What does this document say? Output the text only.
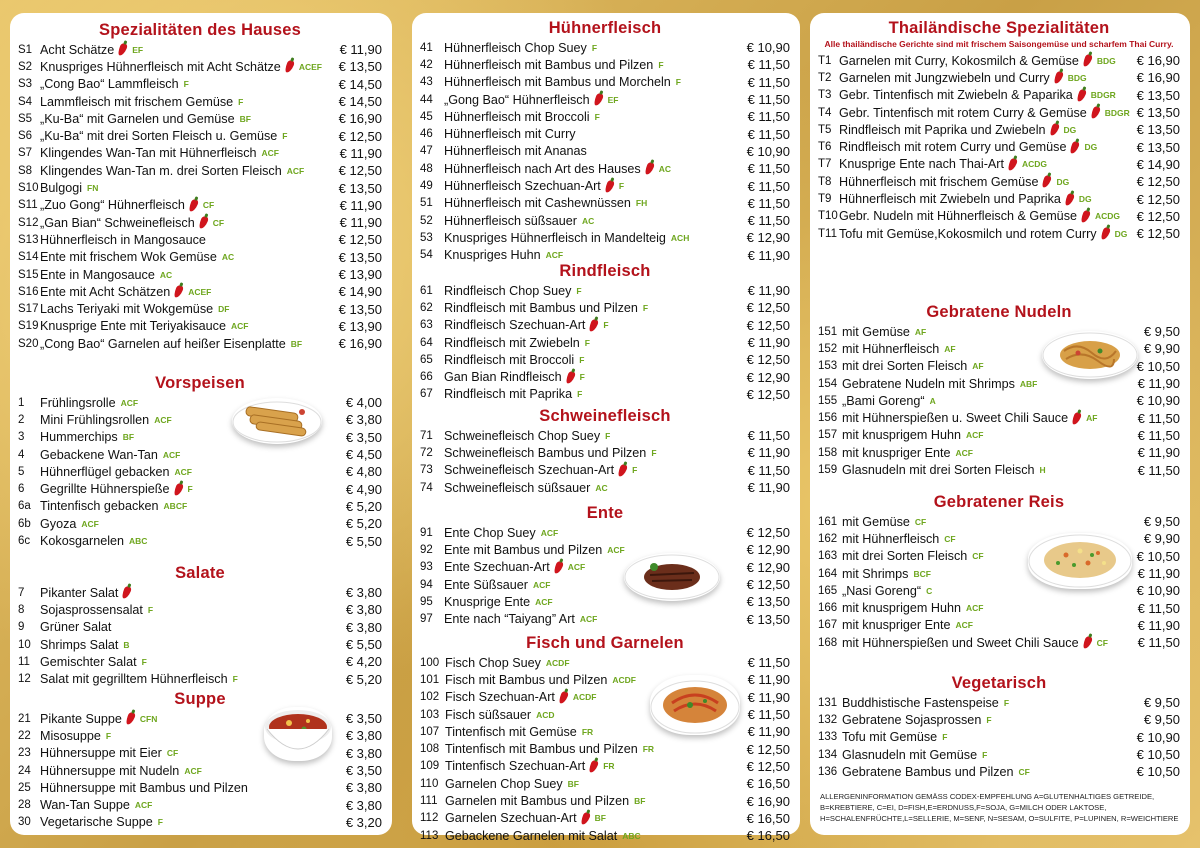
Spezialitäten des Hauses
S1 Acht Schätze EF	€ 11,90
S2 Knuspriges Hühnerfleisch mit Acht Schätze ACEF € 13,50
S3 „Cong Bao“ Lammfleisch F	€ 14,50
S4 Lammfleisch mit frischem Gemüse F	€ 14,50
S5 „Ku-Ba“ mit Garnelen und Gemüse BF	€ 16,90
S6 „Ku-Ba“ mit drei Sorten Fleisch u. Gemüse F	€ 12,50
S7 Klingendes Wan-Tan mit Hühnerfleisch ACF	€ 11,90
S8 Klingendes Wan-Tan m. drei Sorten Fleisch ACF	€ 12,50
S10 Bulgogi FN	€ 13,50
S11 „Zuo Gong“ Hühnerfleisch CF	€ 11,90
S12 „Gan Bian“ Schweinefleisch CF	€ 11,90
S13 Hühnerfleisch in Mangosauce	€ 12,50
S14 Ente mit frischem Wok Gemüse AC	€ 13,50
S15 Ente in Mangosauce AC	€ 13,90
S16 Ente mit Acht Schätzen ACEF	€ 14,90
S17 Lachs Teriyaki mit Wokgemüse DF	€ 13,50
S19 Knusprige Ente mit Teriyakisauce ACF	€ 13,90
S20 „Cong Bao“ Garnelen auf heißer Eisenplatte BF	€ 16,90
Vorspeisen
1	Frühlingsrolle ACF	€ 4,00
2	Mini Frühlingsrollen ACF	€ 3,80
3	Hummerchips BF	€ 3,50
4	Gebackene Wan-Tan ACF	€ 4,50
5	Hühnerflügel gebacken ACF	€ 4,80
6	Gegrillte Hühnerspieße F	€ 4,90
6a Tintenfisch gebacken ABCF	€ 5,20
6b Gyoza ACF	€ 5,20
6c Kokosgarnelen ABC	€ 5,50
Salate
7	Pikanter Salat	€ 3,80
8	Sojasprossensalat F	€ 3,80
9	Grüner Salat	€ 3,80
10 Shrimps Salat B	€ 5,50
11 Gemischter Salat F	€ 4,20
12 Salat mit gegrilltem Hühnerfleisch F	€ 5,20
Suppe
21 Pikante Suppe CFN	€ 3,50
22 Misosuppe F	€ 3,80
23 Hühnersuppe mit Eier CF	€ 3,80
24 Hühnersuppe mit Nudeln ACF	€ 3,50
25 Hühnersuppe mit Bambus und Pilzen	€ 3,80
28 Wan-Tan Suppe ACF	€ 3,80
30 Vegetarische Suppe F	€ 3,20
Hühnerfleisch
41 Hühnerfleisch Chop Suey F	€ 10,90
42 Hühnerfleisch mit Bambus und Pilzen F	€ 11,50
43 Hühnerfleisch mit Bambus und Morcheln F	€ 11,50
44 „Gong Bao“ Hühnerfleisch EF	€ 11,50
45 Hühnerfleisch mit Broccoli F	€ 11,50
46 Hühnerfleisch mit Curry	€ 11,50
47 Hühnerfleisch mit Ananas	€ 10,90
48 Hühnerfleisch nach Art des Hauses AC	€ 11,50
49 Hühnerfleisch Szechuan-Art F	€ 11,50
51 Hühnerfleisch mit Cashewnüssen FH	€ 11,50
52 Hühnerfleisch süßsauer AC	€ 11,50
53 Knuspriges Hühnerfleisch in Mandelteig ACH	€ 12,90
54 Knuspriges Huhn ACF	€ 11,90
Rindfleisch
61 Rindfleisch Chop Suey F	€ 11,90
62 Rindfleisch mit Bambus und Pilzen F	€ 12,50
63 Rindfleisch Szechuan-Art F	€ 12,50
64 Rindfleisch mit Zwiebeln F	€ 11,90
65 Rindfleisch mit Broccoli F	€ 12,50
66 Gan Bian Rindfleisch F	€ 12,90
67 Rindfleisch mit Paprika F	€ 12,50
Schweinefleisch
71 Schweinefleisch Chop Suey F	€ 11,50
72 Schweinefleisch Bambus und Pilzen F	€ 11,90
73 Schweinefleisch Szechuan-Art F	€ 11,50
74 Schweinefleisch süßsauer AC	€ 11,90
Ente
91 Ente Chop Suey ACF	€ 12,50
92 Ente mit Bambus und Pilzen ACF	€ 12,90
93 Ente Szechuan-Art ACF	€ 12,90
94 Ente Süßsauer ACF	€ 12,50
95 Knusprige Ente ACF	€ 13,50
97 Ente nach “Taiyang” Art ACF	€ 13,50
Fisch und Garnelen
100 Fisch Chop Suey ACDF	€ 11,50
101 Fisch mit Bambus und Pilzen ACDF	€ 11,90
102 Fisch Szechuan-Art ACDF	€ 11,90
103 Fisch süßsauer ACD	€ 11,50
107 Tintenfisch mit Gemüse FR	€ 11,90
108 Tintenfisch mit Bambus und Pilzen FR	€ 12,50
109 Tintenfisch Szechuan-Art FR	€ 12,50
110 Garnelen Chop Suey BF	€ 16,50
111 Garnelen mit Bambus und Pilzen BF	€ 16,90
112 Garnelen Szechuan-Art BF	€ 16,50
113 Gebackene Garnelen mit Salat ABC	€ 16,50
Thailändische Spezialitäten
Alle thailändische Gerichte sind mit frischem Saisongemüse und scharfem Thai Curry.
T1 Garnelen mit Curry, Kokosmilch & Gemüse BDG € 16,90
T2 Garnelen mit Jungzwiebeln und Curry BDG	€ 16,90
T3 Gebr. Tintenfisch mit Zwiebeln & Paparika BDGR € 13,50
T4 Gebr. Tintenfisch mit rotem Curry & Gemüse BDGR € 13,50
T5 Rindfleisch mit Paprika und Zwiebeln DG	€ 13,50
T6 Rindfleisch mit rotem Curry und Gemüse DG	€ 13,50
T7 Knusprige Ente nach Thai-Art ACDG	€ 14,90
T8 Hühnerfleisch mit frischem Gemüse DG	€ 12,50
T9 Hühnerfleisch mit Zwiebeln und Paprika DG	€ 12,50
T10 Gebr. Nudeln mit Hühnerfleisch & Gemüse ACDG € 12,50
T11 Tofu mit Gemüse,Kokosmilch und rotem Curry DG € 12,50
Gebratene Nudeln
151 mit Gemüse AF	€ 9,50
152 mit Hühnerfleisch AF	€ 9,90
153 mit drei Sorten Fleisch AF	€ 10,50
154 Gebratene Nudeln mit Shrimps ABF	€ 11,90
155 „Bami Goreng“ A	€ 10,90
156 mit Hühnerspießen u. Sweet Chili Sauce AF	€ 11,50
157 mit knusprigem Huhn ACF	€ 11,50
158 mit knuspriger Ente ACF	€ 11,90
159 Glasnudeln mit drei Sorten Fleisch H	€ 11,50
Gebratener Reis
161 mit Gemüse CF	€ 9,50
162 mit Hühnerfleisch CF	€ 9,90
163 mit drei Sorten Fleisch CF	€ 10,50
164 mit Shrimps BCF	€ 11,90
165 „Nasi Goreng“ C	€ 10,90
166 mit knusprigem Huhn ACF	€ 11,50
167 mit knuspriger Ente ACF	€ 11,90
168 mit Hühnerspießen und Sweet Chili Sauce CF € 11,50
Vegetarisch
131 Buddhistische Fastenspeise F	€ 9,50
132 Gebratene Sojasprossen F	€ 9,50
133 Tofu mit Gemüse F	€ 10,90
134 Glasnudeln mit Gemüse F	€ 10,50
136 Gebratene Bambus und Pilzen CF	€ 10,50
ALLERGENINFORMATION GEMÄSS CODEX-EMPFEHLUNG A=GLUTENHALTIGES GETREIDE, B=KREBTIERE, C=EI, D=FISH,E=ERDNUSS,F=SOJA, G=MILCH ODER LAKTOSE, H=SCHALENFRÜCHTE,L=SELLERIE, M=SENF, N=SESAM, O=SULFITE, P=LUPINEN, R=WEICHTIERE
